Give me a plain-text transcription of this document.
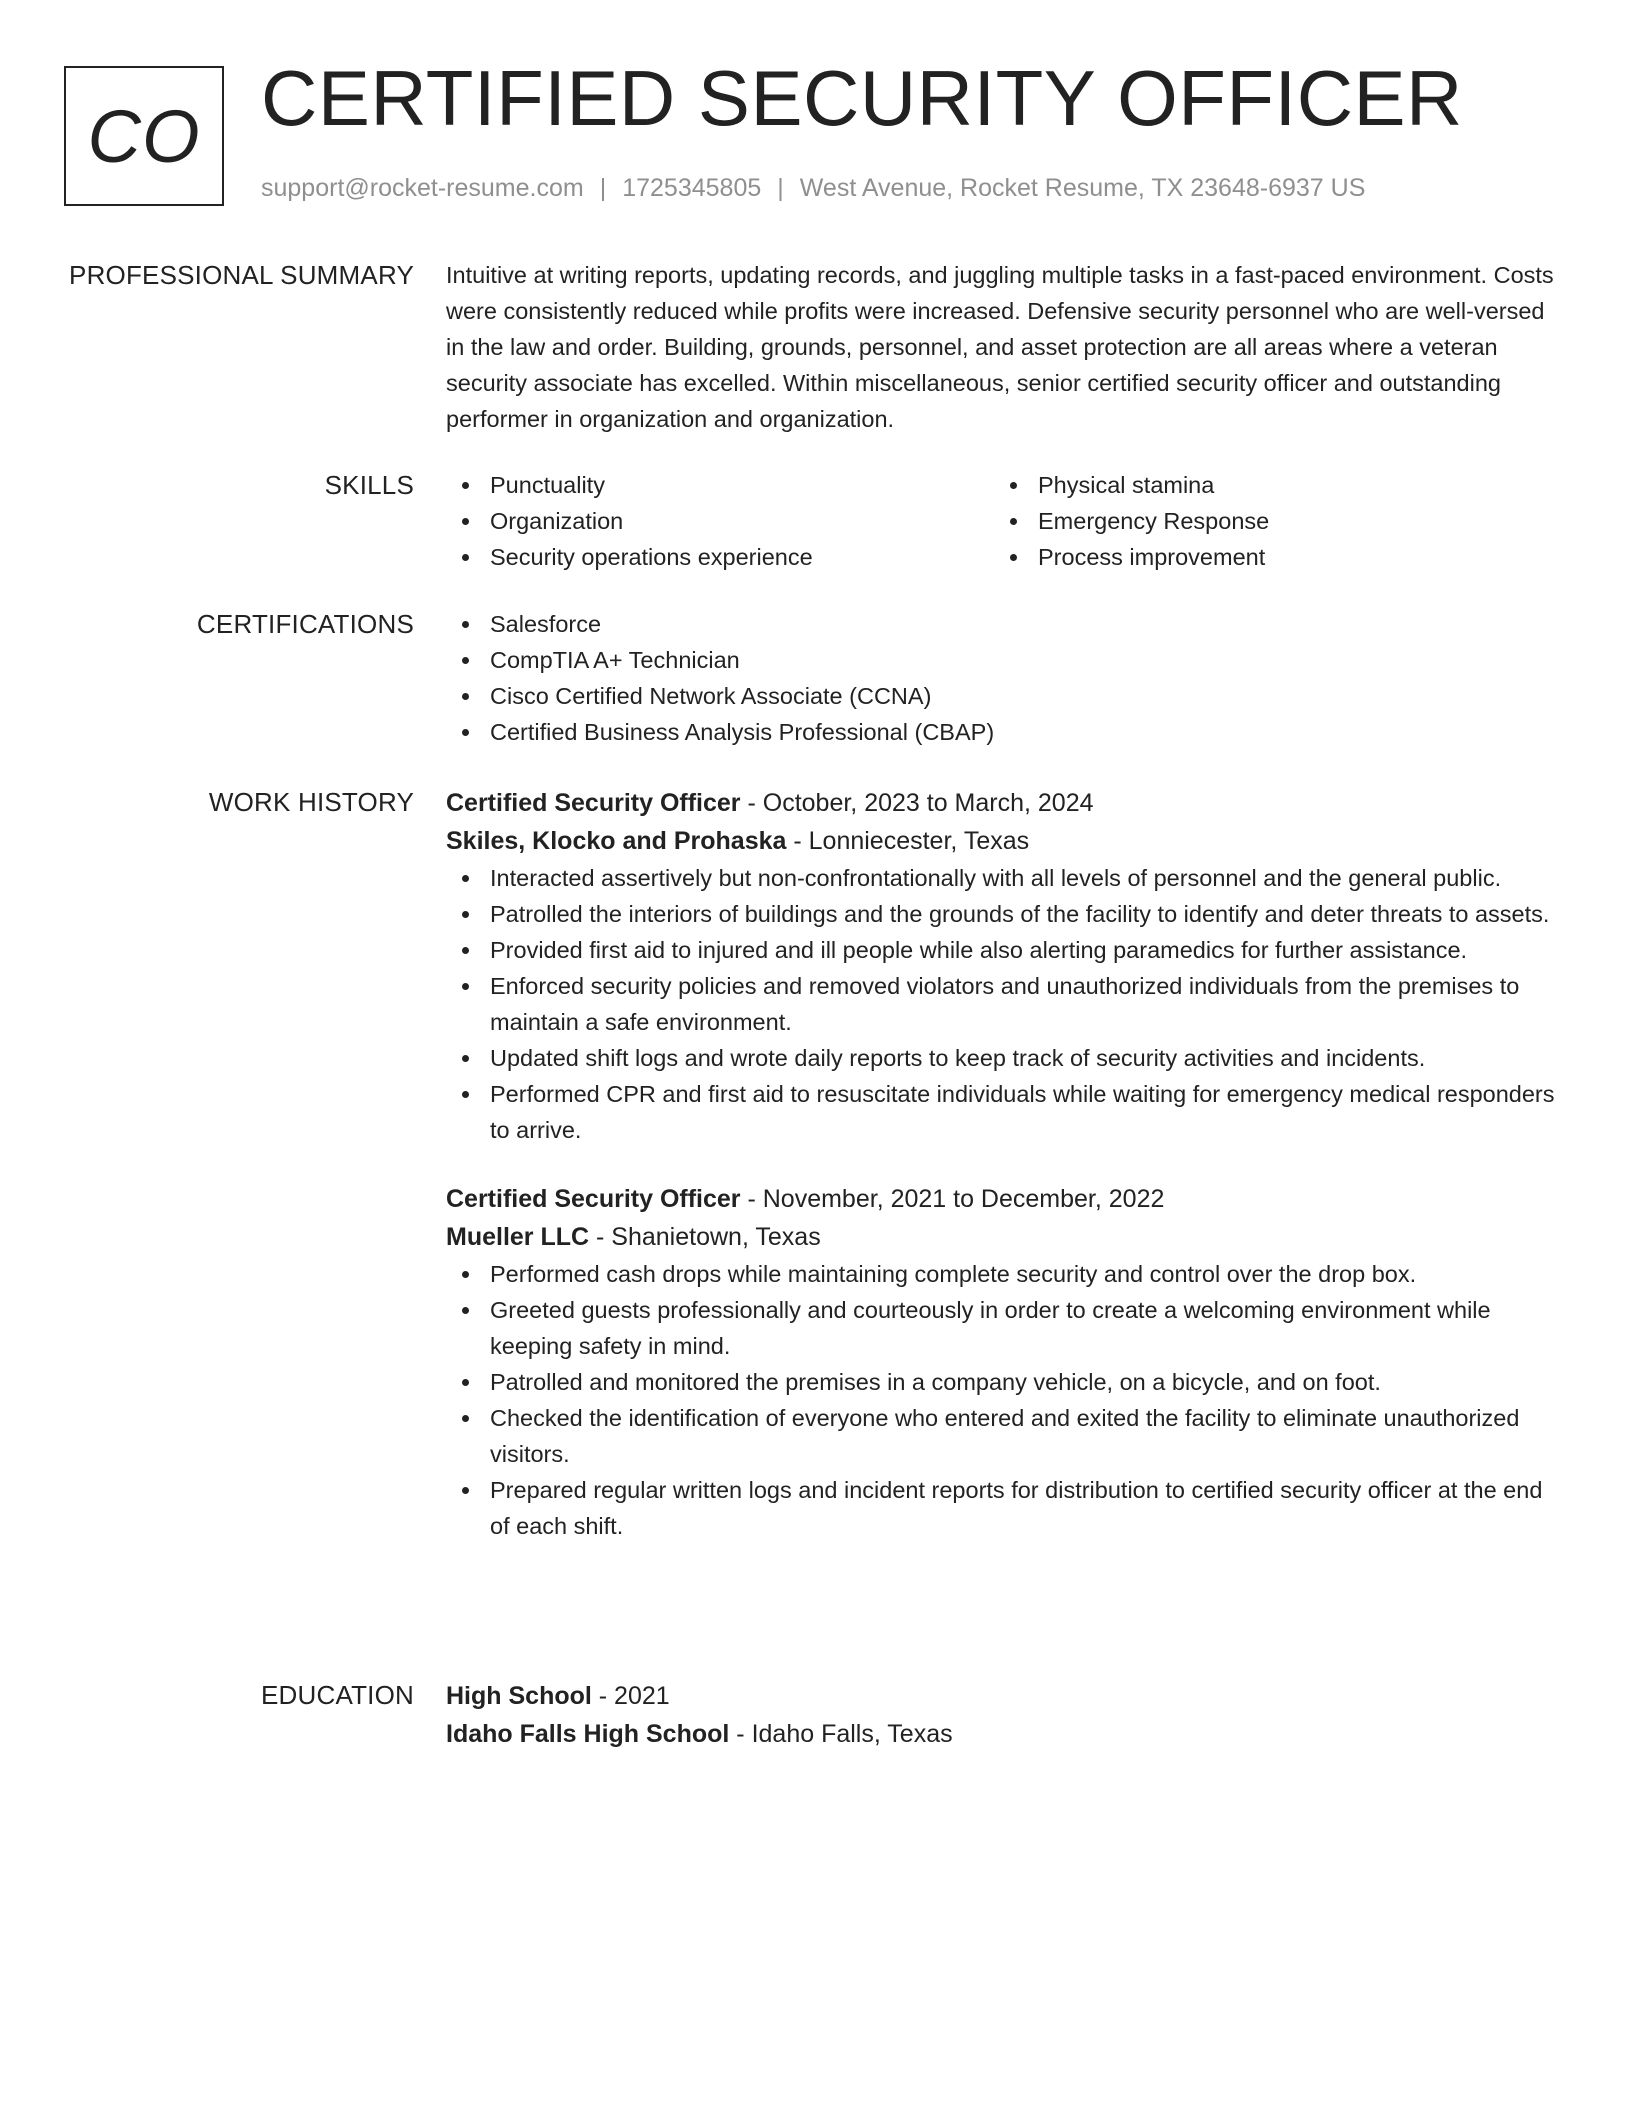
CO CERTIFIED SECURITY OFFICER
support@rocket-resume.com | 1725345805 | West Avenue, Rocket Resume, TX 23648-6937 US
PROFESSIONAL SUMMARY Intuitive at writing reports, updating records, and juggling multiple tasks in a fast-paced environment. Costs were consistently reduced while profits were increased. Defensive security personnel who are well-versed in the law and order. Building, grounds, personnel, and asset protection are all areas where a veteran security associate has excelled. Within miscellaneous, senior certified security officer and outstanding performer in organization and organization.

SKILLS	Punctuality
Organization
Security operations experience
Physical stamina
Emergency Response
Process improvement
CERTIFICATIONS	Salesforce
CompTIA A+ Technician
Cisco Certified Network Associate (CCNA)
Certified Business Analysis Professional (CBAP)
WORK HISTORY Certified Security Officer - October, 2023 to March, 2024
Skiles, Klocko and Prohaska - Lonniecester, Texas
Interacted assertively but non-confrontationally with all levels of personnel and the general public.
Patrolled the interiors of buildings and the grounds of the facility to identify and deter threats to assets.
Provided first aid to injured and ill people while also alerting paramedics for further assistance.
Enforced security policies and removed violators and unauthorized individuals from the premises to maintain a safe environment.
Updated shift logs and wrote daily reports to keep track of security activities and incidents.
Performed CPR and first aid to resuscitate individuals while waiting for emergency medical responders to arrive.
Certified Security Officer - November, 2021 to December, 2022
Mueller LLC - Shanietown, Texas
Performed cash drops while maintaining complete security and control over the drop box.
Greeted guests professionally and courteously in order to create a welcoming environment while keeping safety in mind.
Patrolled and monitored the premises in a company vehicle, on a bicycle, and on foot.
Checked the identification of everyone who entered and exited the facility to eliminate unauthorized visitors.
Prepared regular written logs and incident reports for distribution to certified security officer at the end of each shift.
EDUCATION High School - 2021
Idaho Falls High School - Idaho Falls, Texas
